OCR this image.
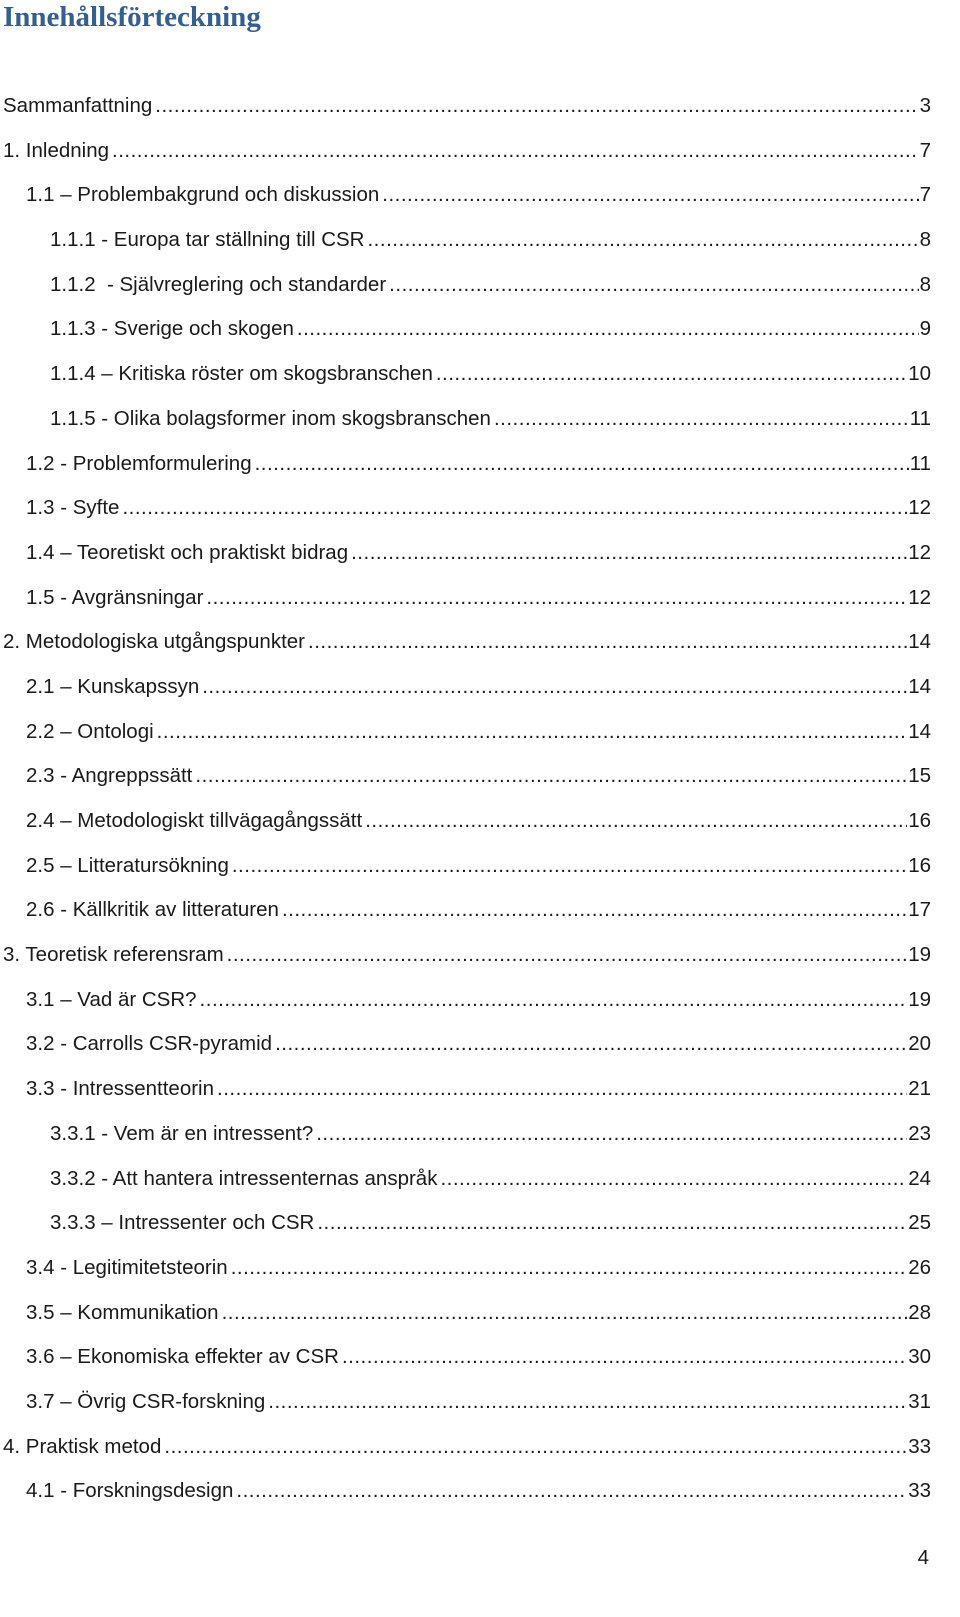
Innehållsförteckning
Sammanfattning .....	3
1. Inledning .....	7
1.1 – Problembakgrund och diskussion .....	7
1.1.1 - Europa tar ställning till CSR .....	8
1.1.2  - Självreglering och standarder .....	8
1.1.3 - Sverige och skogen .....	9
1.1.4 – Kritiska röster om skogsbranschen .....	10
1.1.5 - Olika bolagsformer inom skogsbranschen .....	11
1.2 - Problemformulering .....	11
1.3 - Syfte .....	12
1.4 – Teoretiskt och praktiskt bidrag .....	12
1.5 - Avgränsningar .....	12
2. Metodologiska utgångspunkter .....	14
2.1 – Kunskapssyn .....	14
2.2 – Ontologi .....	14
2.3 - Angreppssätt .....	15
2.4 – Metodologiskt tillvägagångssätt .....	16
2.5 – Litteratursökning .....	16
2.6 - Källkritik av litteraturen .....	17
3. Teoretisk referensram .....	19
3.1 – Vad är CSR? .....	19
3.2 - Carrolls CSR-pyramid .....	20
3.3 - Intressentteorin .....	21
3.3.1 - Vem är en intressent? .....	23
3.3.2 - Att hantera intressenternas anspråk .....	24
3.3.3 – Intressenter och CSR .....	25
3.4 - Legitimitetsteorin .....	26
3.5 – Kommunikation .....	28
3.6 – Ekonomiska effekter av CSR .....	30
3.7 – Övrig CSR-forskning .....	31
4. Praktisk metod .....	33
4.1 - Forskningsdesign .....	33
4
